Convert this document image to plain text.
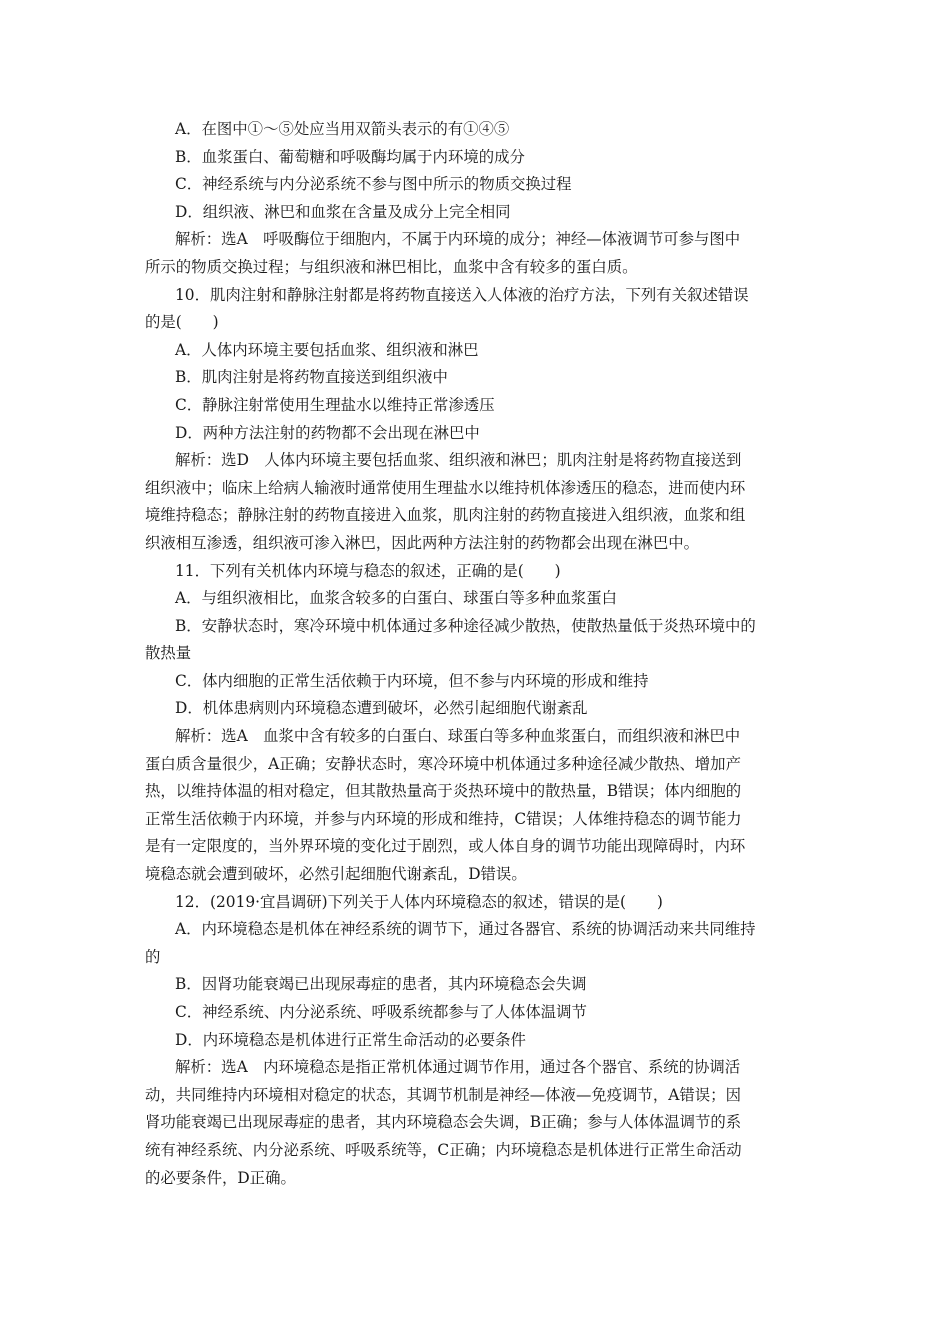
A．在图中①～⑤处应当用双箭头表示的有①④⑤
B．血浆蛋白、葡萄糖和呼吸酶均属于内环境的成分
C．神经系统与内分泌系统不参与图中所示的物质交换过程
D．组织液、淋巴和血浆在含量及成分上完全相同
解析：选A　呼吸酶位于细胞内，不属于内环境的成分；神经—体液调节可参与图中
所示的物质交换过程；与组织液和淋巴相比，血浆中含有较多的蛋白质。
10．肌肉注射和静脉注射都是将药物直接送入人体液的治疗方法，下列有关叙述错误
的是(　　)
A．人体内环境主要包括血浆、组织液和淋巴
B．肌肉注射是将药物直接送到组织液中
C．静脉注射常使用生理盐水以维持正常渗透压
D．两种方法注射的药物都不会出现在淋巴中
解析：选D　人体内环境主要包括血浆、组织液和淋巴；肌肉注射是将药物直接送到
组织液中；临床上给病人输液时通常使用生理盐水以维持机体渗透压的稳态，进而使内环
境维持稳态；静脉注射的药物直接进入血浆，肌肉注射的药物直接进入组织液，血浆和组
织液相互渗透，组织液可渗入淋巴，因此两种方法注射的药物都会出现在淋巴中。
11．下列有关机体内环境与稳态的叙述，正确的是(　　)
A．与组织液相比，血浆含较多的白蛋白、球蛋白等多种血浆蛋白
B．安静状态时，寒冷环境中机体通过多种途径减少散热，使散热量低于炎热环境中的
散热量
C．体内细胞的正常生活依赖于内环境，但不参与内环境的形成和维持
D．机体患病则内环境稳态遭到破坏，必然引起细胞代谢紊乱
解析：选A　血浆中含有较多的白蛋白、球蛋白等多种血浆蛋白，而组织液和淋巴中
蛋白质含量很少，A正确；安静状态时，寒冷环境中机体通过多种途径减少散热、增加产
热，以维持体温的相对稳定，但其散热量高于炎热环境中的散热量，B错误；体内细胞的
正常生活依赖于内环境，并参与内环境的形成和维持，C错误；人体维持稳态的调节能力
是有一定限度的，当外界环境的变化过于剧烈，或人体自身的调节功能出现障碍时，内环
境稳态就会遭到破坏，必然引起细胞代谢紊乱，D错误。
12．(2019·宜昌调研)下列关于人体内环境稳态的叙述，错误的是(　　)
A．内环境稳态是机体在神经系统的调节下，通过各器官、系统的协调活动来共同维持
的
B．因肾功能衰竭已出现尿毒症的患者，其内环境稳态会失调
C．神经系统、内分泌系统、呼吸系统都参与了人体体温调节
D．内环境稳态是机体进行正常生命活动的必要条件
解析：选A　内环境稳态是指正常机体通过调节作用，通过各个器官、系统的协调活
动，共同维持内环境相对稳定的状态，其调节机制是神经—体液—免疫调节，A错误；因
肾功能衰竭已出现尿毒症的患者，其内环境稳态会失调，B正确；参与人体体温调节的系
统有神经系统、内分泌系统、呼吸系统等，C正确；内环境稳态是机体进行正常生命活动
的必要条件，D正确。
